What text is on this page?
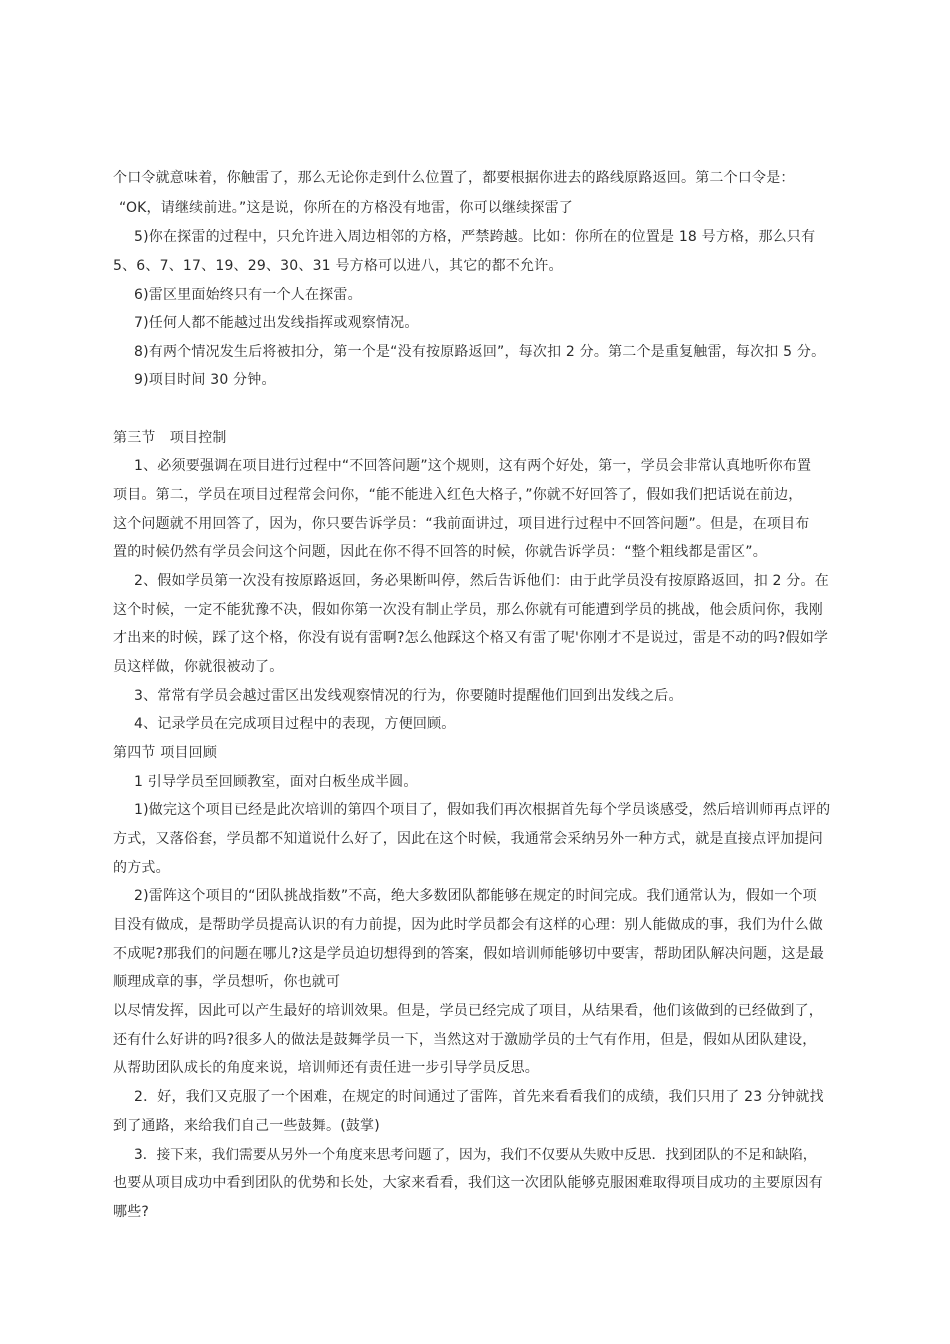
个口令就意味着，你触雷了，那么无论你走到什么位置了，都要根据你进去的路线原路返回。第二个口令是：

“OK，请继续前进。”这是说，你所在的方格没有地雷，你可以继续探雷了

5)你在探雷的过程中，只允许进入周边相邻的方格，严禁跨越。比如：你所在的位置是 18 号方格，那么只有

5、6、7、17、19、29、30、31 号方格可以进八，其它的都不允许。

6)雷区里面始终只有一个人在探雷。

7)任何人都不能越过出发线指挥或观察情况。

8)有两个情况发生后将被扣分，第一个是“没有按原路返回”，每次扣 2 分。第二个是重复触雷，每次扣 5 分。

9)项目时间 30 分钟。

第三节　项目控制

1、必须要强调在项目进行过程中“不回答问题”这个规则，这有两个好处，第一，学员会非常认真地听你布置

项目。第二，学员在项目过程常会问你，“能不能进入红色大格子，”你就不好回答了，假如我们把话说在前边，

这个问题就不用回答了，因为，你只要告诉学员：“我前面讲过，项目进行过程中不回答问题”。但是，在项目布

置的时候仍然有学员会问这个问题，因此在你不得不回答的时候，你就告诉学员：“整个粗线都是雷区”。

2、假如学员第一次没有按原路返回，务必果断叫停，然后告诉他们：由于此学员没有按原路返回，扣 2 分。在

这个时候，一定不能犹豫不决，假如你第一次没有制止学员，那么你就有可能遭到学员的挑战，他会质问你，我刚

才出来的时候，踩了这个格，你没有说有雷啊?怎么他踩这个格又有雷了呢'你刚才不是说过，雷是不动的吗?假如学

员这样做，你就很被动了。

3、常常有学员会越过雷区出发线观察情况的行为，你要随时提醒他们回到出发线之后。

4、记录学员在完成项目过程中的表现，方便回顾。

第四节 项目回顾

1 引导学员至回顾教室，面对白板坐成半圆。

1)做完这个项目已经是此次培训的第四个项目了，假如我们再次根据首先每个学员谈感受，然后培训师再点评的

方式，又落俗套，学员都不知道说什么好了，因此在这个时候，我通常会采纳另外一种方式，就是直接点评加提问

的方式。

2)雷阵这个项目的“团队挑战指数”不高，绝大多数团队都能够在规定的时间完成。我们通常认为，假如一个项

目没有做成，是帮助学员提高认识的有力前提，因为此时学员都会有这样的心理：别人能做成的事，我们为什么做

不成呢?那我们的问题在哪儿?这是学员迫切想得到的答案，假如培训师能够切中要害，帮助团队解决问题，这是最

顺理成章的事，学员想听，你也就可

以尽情发挥，因此可以产生最好的培训效果。但是，学员已经完成了项目，从结果看，他们该做到的已经做到了，

还有什么好讲的吗?很多人的做法是鼓舞学员一下，当然这对于激励学员的士气有作用，但是，假如从团队建设，

从帮助团队成长的角度来说，培训师还有责任进一步引导学员反思。

2．好，我们又克服了一个困难，在规定的时间通过了雷阵，首先来看看我们的成绩，我们只用了 23 分钟就找

到了通路，来给我们自己一些鼓舞。(鼓掌)

3．接下来，我们需要从另外一个角度来思考问题了，因为，我们不仅要从失败中反思．找到团队的不足和缺陷，

也要从项目成功中看到团队的优势和长处，大家来看看，我们这一次团队能够克服困难取得项目成功的主要原因有

哪些?
